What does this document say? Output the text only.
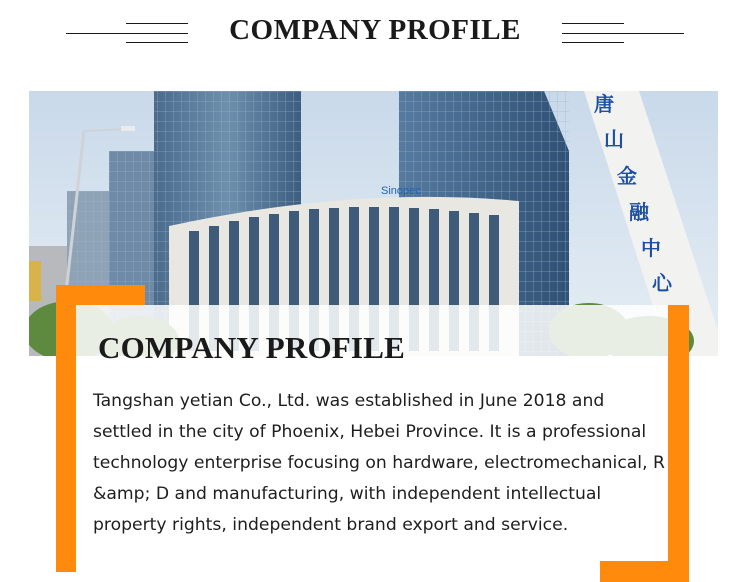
COMPANY PROFILE
Sinopec
唐
山
金
融
中
心
COMPANY PROFILE
Tangshan yetian Co., Ltd. was established in June 2018 and settled in the city of Phoenix, Hebei Province. It is a professional technology enterprise focusing on hardware, electromechanical, R &amp; D and manufacturing, with independent intellectual property rights, independent brand export and service.
